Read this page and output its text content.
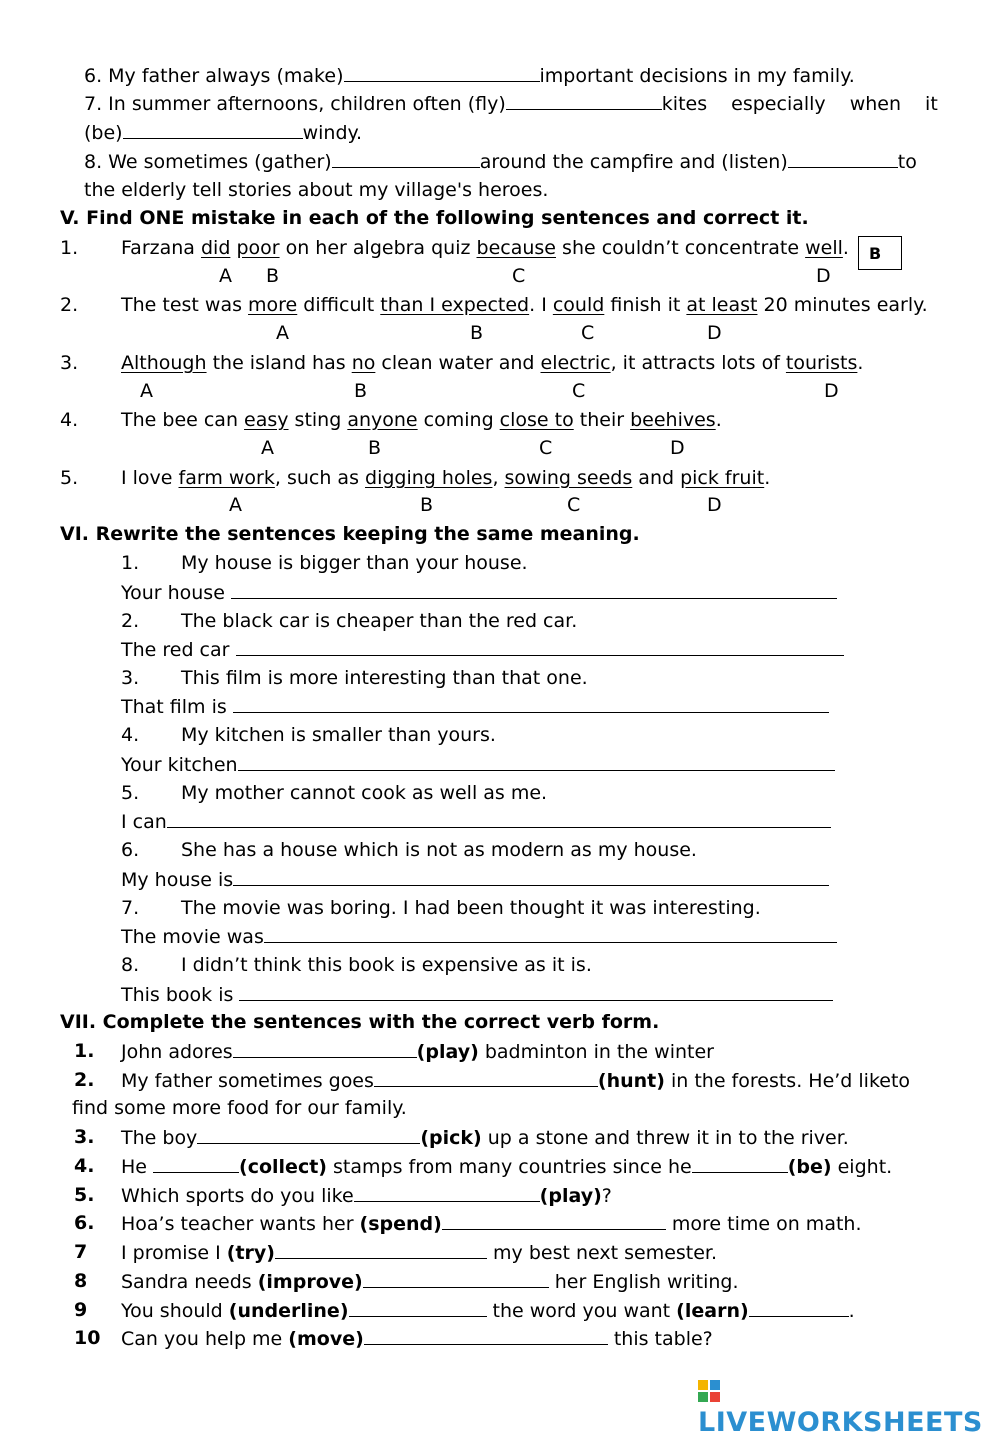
6. My father always (make)	important decisions in my family.
7. In summer afternoons, children often (fly)	kites especially when it
(be)	windy.
8. We sometimes (gather)	around the campfire and (listen)	to
the elderly tell stories about my village's heroes.
V. Find ONE mistake in each of the following sentences and correct it.
B
1. Farzana did poor on her algebra quiz because she couldn’t concentrate well.
A B	C	D
2. The test was more difficult than I expected. I could finish it at least 20 minutes early.
A	B	C	D
3. Although the island has no clean water and electric, it attracts lots of tourists.
A	B	C	D
4. The bee can easy sting anyone coming close to their beehives.
A	B	C	D
5. I love farm work, such as digging holes, sowing seeds and pick fruit.
A	B	C	D
VI. Rewrite the sentences keeping the same meaning.
1. My house is bigger than your house.
Your house
2. The black car is cheaper than the red car.
The red car
3. This film is more interesting than that one.
That film is
4. My kitchen is smaller than yours.
Your kitchen
5. My mother cannot cook as well as me.
I can
6. She has a house which is not as modern as my house.
My house is
7. The movie was boring. I had been thought it was interesting.
The movie was
8. I didn’t think this book is expensive as it is.
This book is
VII. Complete the sentences with the correct verb form.
1. John adores	(play) badminton in the winter
2. My father sometimes goes	(hunt) in the forests. He’d liketo
find some more food for our family.
3. The boy	(pick) up a stone and threw it in to the river.
4. He	(collect) stamps from many countries since he	(be) eight.
5. Which sports do you like	(play)?
6. Hoa’s teacher wants her (spend)	more time on math.
7 I promise I (try)	my best next semester.
8 Sandra needs (improve)	her English writing.
9 You should (underline)	the word you want (learn)	.
10 Can you help me (move)	this table?
LIVEWORKSHEETS
